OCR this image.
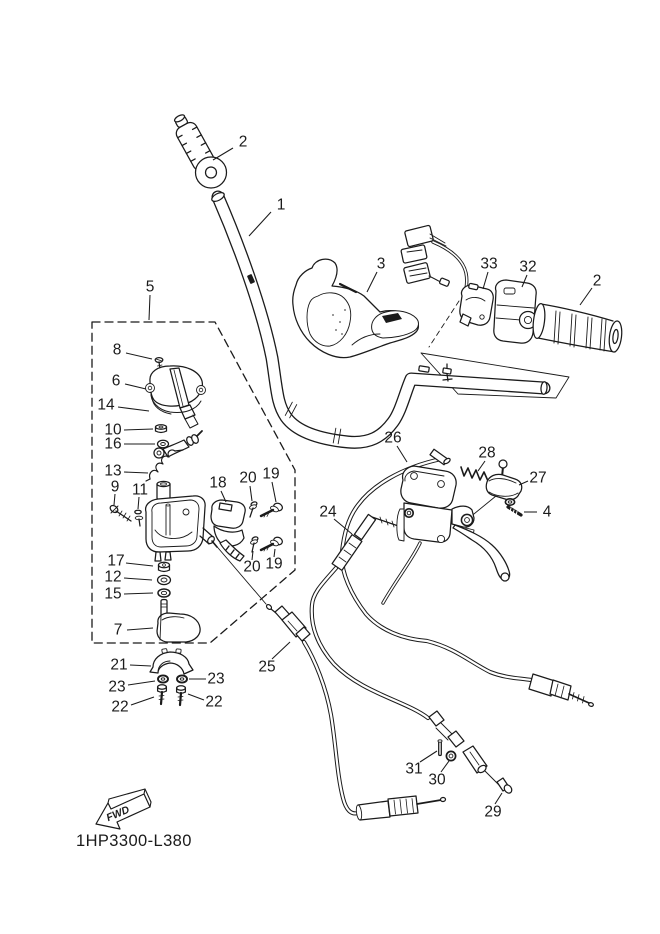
FWD
1HP3300-L380
1
2
3	33 32
2
5
8
6
14
10
16
13
9 11	18 20 19
26
28
27
4
24
17
12
15
20 19
7
21
23	23
22	22
25
31
30
29
